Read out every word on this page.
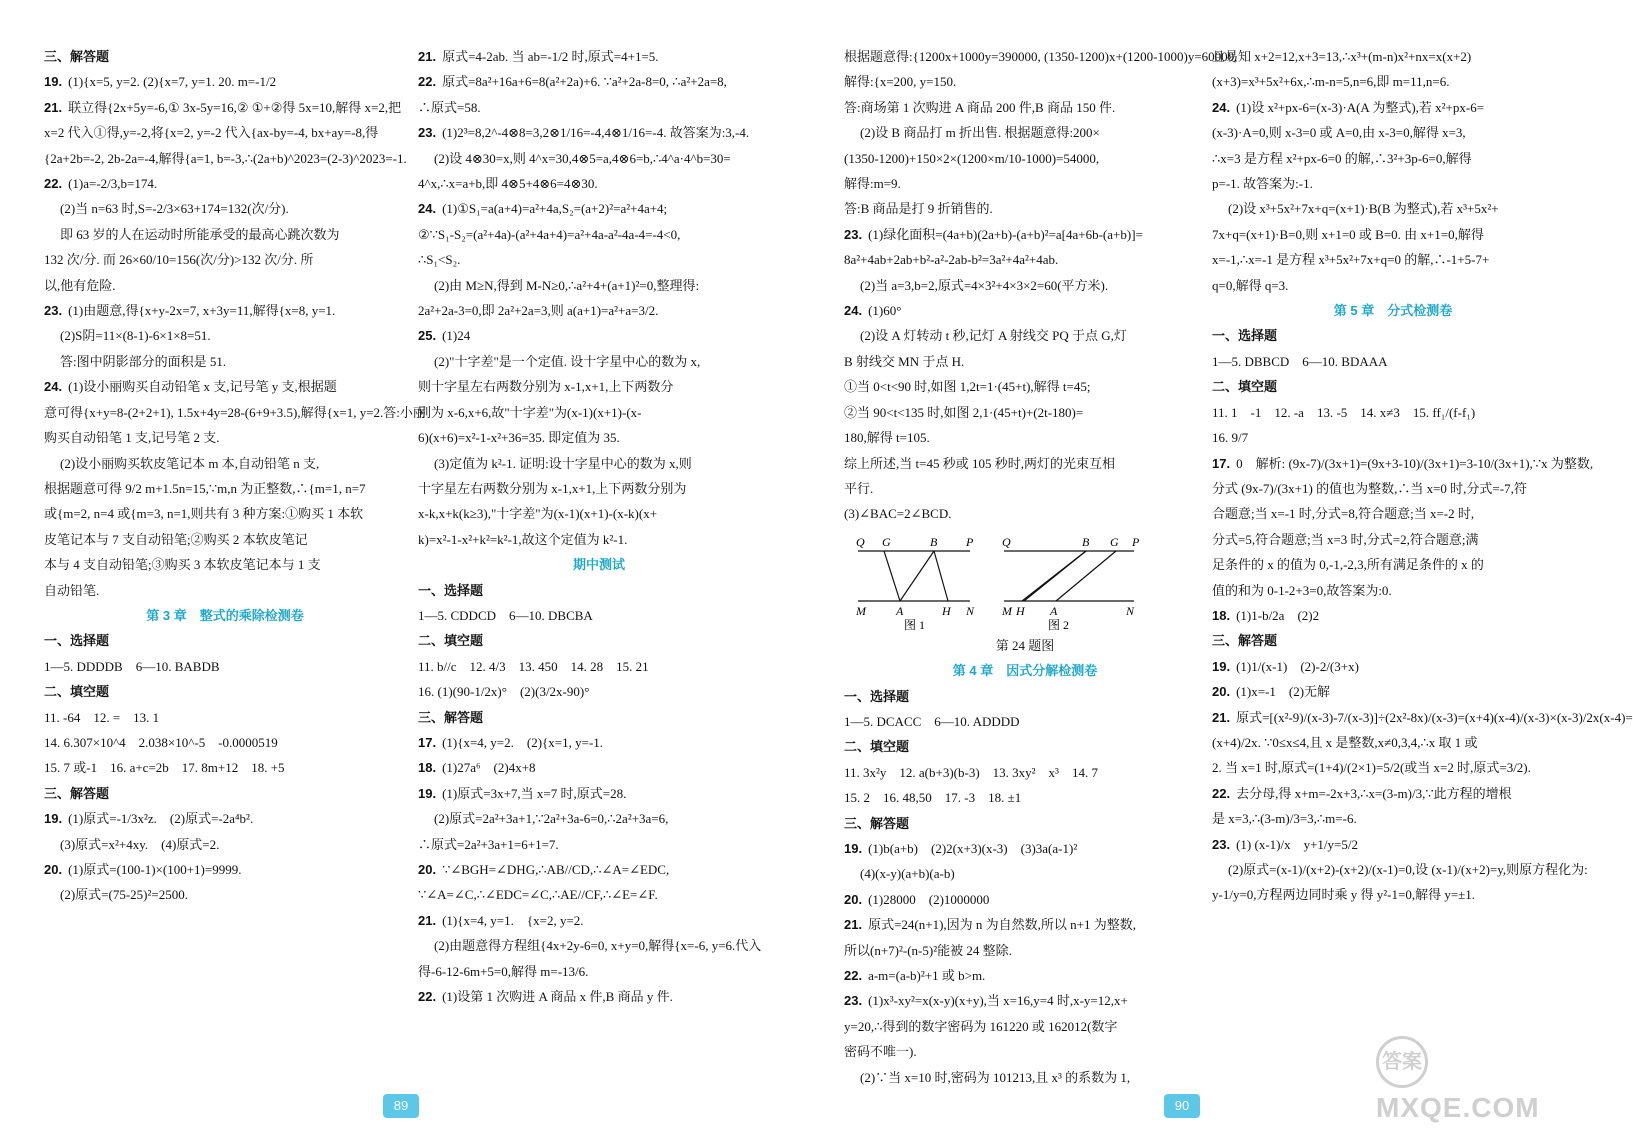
三、解答题

19. (1){x=5, y=2. (2){x=7, y=1. 20. m=-1/2

21. 联立得{2x+5y=-6,① 3x-5y=16,② ①+②得 5x=10,解得 x=2,把

x=2 代入①得,y=-2,将{x=2, y=-2 代入{ax-by=-4, bx+ay=-8,得

{2a+2b=-2, 2b-2a=-4,解得{a=1, b=-3,∴(2a+b)^2023=(2-3)^2023=-1.

22. (1)a=-2/3,b=174.

(2)当 n=63 时,S=-2/3×63+174=132(次/分).

即 63 岁的人在运动时所能承受的最高心跳次数为

132 次/分. 而 26×60/10=156(次/分)>132 次/分. 所

以,他有危险.

23. (1)由题意,得{x+y-2x=7, x+3y=11,解得{x=8, y=1.

(2)S阴=11×(8-1)-6×1×8=51.

答:图中阴影部分的面积是 51.

24. (1)设小丽购买自动铅笔 x 支,记号笔 y 支,根据题

意可得{x+y=8-(2+2+1), 1.5x+4y=28-(6+9+3.5),解得{x=1, y=2.答:小丽

购买自动铅笔 1 支,记号笔 2 支.

(2)设小丽购买软皮笔记本 m 本,自动铅笔 n 支,

根据题意可得 9/2 m+1.5n=15,∵m,n 为正整数,∴{m=1, n=7

或{m=2, n=4 或{m=3, n=1,则共有 3 种方案:①购买 1 本软

皮笔记本与 7 支自动铅笔;②购买 2 本软皮笔记

本与 4 支自动铅笔;③购买 3 本软皮笔记本与 1 支

自动铅笔.

第 3 章　整式的乘除检测卷

一、选择题

1—5. DDDDB　6—10. BABDB

二、填空题

11. -64　12. =　13. 1

14. 6.307×10^4　2.038×10^-5　-0.0000519

15. 7 或-1　16. a+c=2b　17. 8m+12　18. +5

三、解答题

19. (1)原式=-1/3x²z.　(2)原式=-2a⁴b².　

(3)原式=x²+4xy.　(4)原式=2.

20. (1)原式=(100-1)×(100+1)=9999.

(2)原式=(75-25)²=2500.

21. 原式=4-2ab. 当 ab=-1/2 时,原式=4+1=5.

22. 原式=8a²+16a+6=8(a²+2a)+6. ∵a²+2a-8=0, ∴a²+2a=8,

∴原式=58.

23. (1)2³=8,2^-4⊗8=3,2⊗1/16=-4,4⊗1/16=-4. 故答案为:3,-4.

(2)设 4⊗30=x,则 4^x=30,4⊗5=a,4⊗6=b,∴4^a·4^b=30=

4^x,∴x=a+b,即 4⊗5+4⊗6=4⊗30.

24. (1)①S₁=a(a+4)=a²+4a,S₂=(a+2)²=a²+4a+4;

②∵S₁-S₂=(a²+4a)-(a²+4a+4)=a²+4a-a²-4a-4=-4<0,

∴S₁<S₂.

(2)由 M≥N,得到 M-N≥0,∴a²+4+(a+1)²=0,整理得:

2a²+2a-3=0,即 2a²+2a=3,则 a(a+1)=a²+a=3/2.

25. (1)24

(2)"十字差"是一个定值. 设十字星中心的数为 x,

则十字星左右两数分别为 x-1,x+1,上下两数分

别为 x-6,x+6,故"十字差"为(x-1)(x+1)-(x-

6)(x+6)=x²-1-x²+36=35. 即定值为 35.

(3)定值为 k²-1. 证明:设十字星中心的数为 x,则

十字星左右两数分别为 x-1,x+1,上下两数分别为

x-k,x+k(k≥3),"十字差"为(x-1)(x+1)-(x-k)(x+

k)=x²-1-x²+k²=k²-1,故这个定值为 k²-1.

期中测试

一、选择题

1—5. CDDCD　6—10. DBCBA

二、填空题

11. b//c　12. 4/3　13. 450　14. 28　15. 21

16. (1)(90-1/2x)°　(2)(3/2x-90)°

三、解答题

17. (1){x=4, y=2.　(2){x=1, y=-1.

18. (1)27a⁶　(2)4x+8

19. (1)原式=3x+7,当 x=7 时,原式=28.

(2)原式=2a²+3a+1,∵2a²+3a-6=0,∴2a²+3a=6,

∴原式=2a²+3a+1=6+1=7.

20. ∵∠BGH=∠DHG,∴AB//CD,∴∠A=∠EDC,

∵∠A=∠C,∴∠EDC=∠C,∴AE//CF,∴∠E=∠F.

21. (1){x=4, y=1.　{x=2, y=2.

(2)由题意得方程组{4x+2y-6=0, x+y=0,解得{x=-6, y=6.代入

得-6-12-6m+5=0,解得 m=-13/6.

22. (1)设第 1 次购进 A 商品 x 件,B 商品 y 件.

根据题意得:{1200x+1000y=390000, (1350-1200)x+(1200-1000)y=60000,

解得:{x=200, y=150.

答:商场第 1 次购进 A 商品 200 件,B 商品 150 件.

(2)设 B 商品打 m 折出售. 根据题意得:200×

(1350-1200)+150×2×(1200×m/10-1000)=54000,

解得:m=9.

答:B 商品是打 9 折销售的.

23. (1)绿化面积=(4a+b)(2a+b)-(a+b)²=a[4a+6b-(a+b)]=

8a²+4ab+2ab+b²-a²-2ab-b²=3a²+4a²+4ab.

(2)当 a=3,b=2,原式=4×3²+4×3×2=60(平方米).

24. (1)60°

(2)设 A 灯转动 t 秒,记灯 A 射线交 PQ 于点 G,灯

B 射线交 MN 于点 H.

①当 0<t<90 时,如图 1,2t=1·(45+t),解得 t=45;

②当 90<t<135 时,如图 2,1·(45+t)+(2t-180)=

180,解得 t=105.

综上所述,当 t=45 秒或 105 秒时,两灯的光束互相

平行.

(3)∠BAC=2∠BCD.

Q G	B P
M	A	H N
图 1
Q	B G P
M H A	N
图 2

第 24 题图

第 4 章　因式分解检测卷

一、选择题

1—5. DCACC　6—10. ADDDD

二、填空题

11. 3x²y　12. a(b+3)(b-3)　13. 3xy²　x³　14. 7

15. 2　16. 48,50　17. -3　18. ±1

三、解答题

19. (1)b(a+b)　(2)2(x+3)(x-3)　(3)3a(a-1)²

(4)(x-y)(a+b)(a-b)

20. (1)28000　(2)1000000

21. 原式=24(n+1),因为 n 为自然数,所以 n+1 为整数,

所以(n+7)²-(n-5)²能被 24 整除.

22. a-m=(a-b)²+1 或 b>m.

23. (1)x³-xy²=x(x-y)(x+y),当 x=16,y=4 时,x-y=12,x+

y=20,∴得到的数字密码为 161220 或 162012(数字

密码不唯一).

(2)∵当 x=10 时,密码为 101213,且 x³ 的系数为 1,

且易知 x+2=12,x+3=13,∴x³+(m-n)x²+nx=x(x+2)

(x+3)=x³+5x²+6x,∴m-n=5,n=6,即 m=11,n=6.

24. (1)设 x²+px-6=(x-3)·A(A 为整式),若 x²+px-6=

(x-3)·A=0,则 x-3=0 或 A=0,由 x-3=0,解得 x=3,

∴x=3 是方程 x²+px-6=0 的解,∴3²+3p-6=0,解得

p=-1. 故答案为:-1.

(2)设 x³+5x²+7x+q=(x+1)·B(B 为整式),若 x³+5x²+

7x+q=(x+1)·B=0,则 x+1=0 或 B=0. 由 x+1=0,解得

x=-1,∴x=-1 是方程 x³+5x²+7x+q=0 的解,∴-1+5-7+

q=0,解得 q=3.

第 5 章　分式检测卷

一、选择题

1—5. DBBCD　6—10. BDAAA

二、填空题

11. 1　-1　12. -a　13. -5　14. x≠3　15. ff₁/(f-f₁)

16. 9/7

17. 0　解析: (9x-7)/(3x+1)=(9x+3-10)/(3x+1)=3-10/(3x+1),∵x 为整数,

分式 (9x-7)/(3x+1) 的值也为整数,∴当 x=0 时,分式=-7,符

合题意;当 x=-1 时,分式=8,符合题意;当 x=-2 时,

分式=5,符合题意;当 x=3 时,分式=2,符合题意;满

足条件的 x 的值为 0,-1,-2,3,所有满足条件的 x 的

值的和为 0-1-2+3=0,故答案为:0.

18. (1)1-b/2a　(2)2

三、解答题

19. (1)1/(x-1)　(2)-2/(3+x)

20. (1)x=-1　(2)无解

21. 原式=[(x²-9)/(x-3)-7/(x-3)]÷(2x²-8x)/(x-3)=(x+4)(x-4)/(x-3)×(x-3)/2x(x-4)=

(x+4)/2x. ∵0≤x≤4,且 x 是整数,x≠0,3,4,∴x 取 1 或

2. 当 x=1 时,原式=(1+4)/(2×1)=5/2(或当 x=2 时,原式=3/2).

22. 去分母,得 x+m=-2x+3,∴x=(3-m)/3,∵此方程的增根

是 x=3,∴(3-m)/3=3,∴m=-6.

23. (1) (x-1)/x　y+1/y=5/2

(2)原式=(x-1)/(x+2)-(x+2)/(x-1)=0,设 (x-1)/(x+2)=y,则原方程化为:

y-1/y=0,方程两边同时乘 y 得 y²-1=0,解得 y=±1.

89	90
答案
MXQE.COM
